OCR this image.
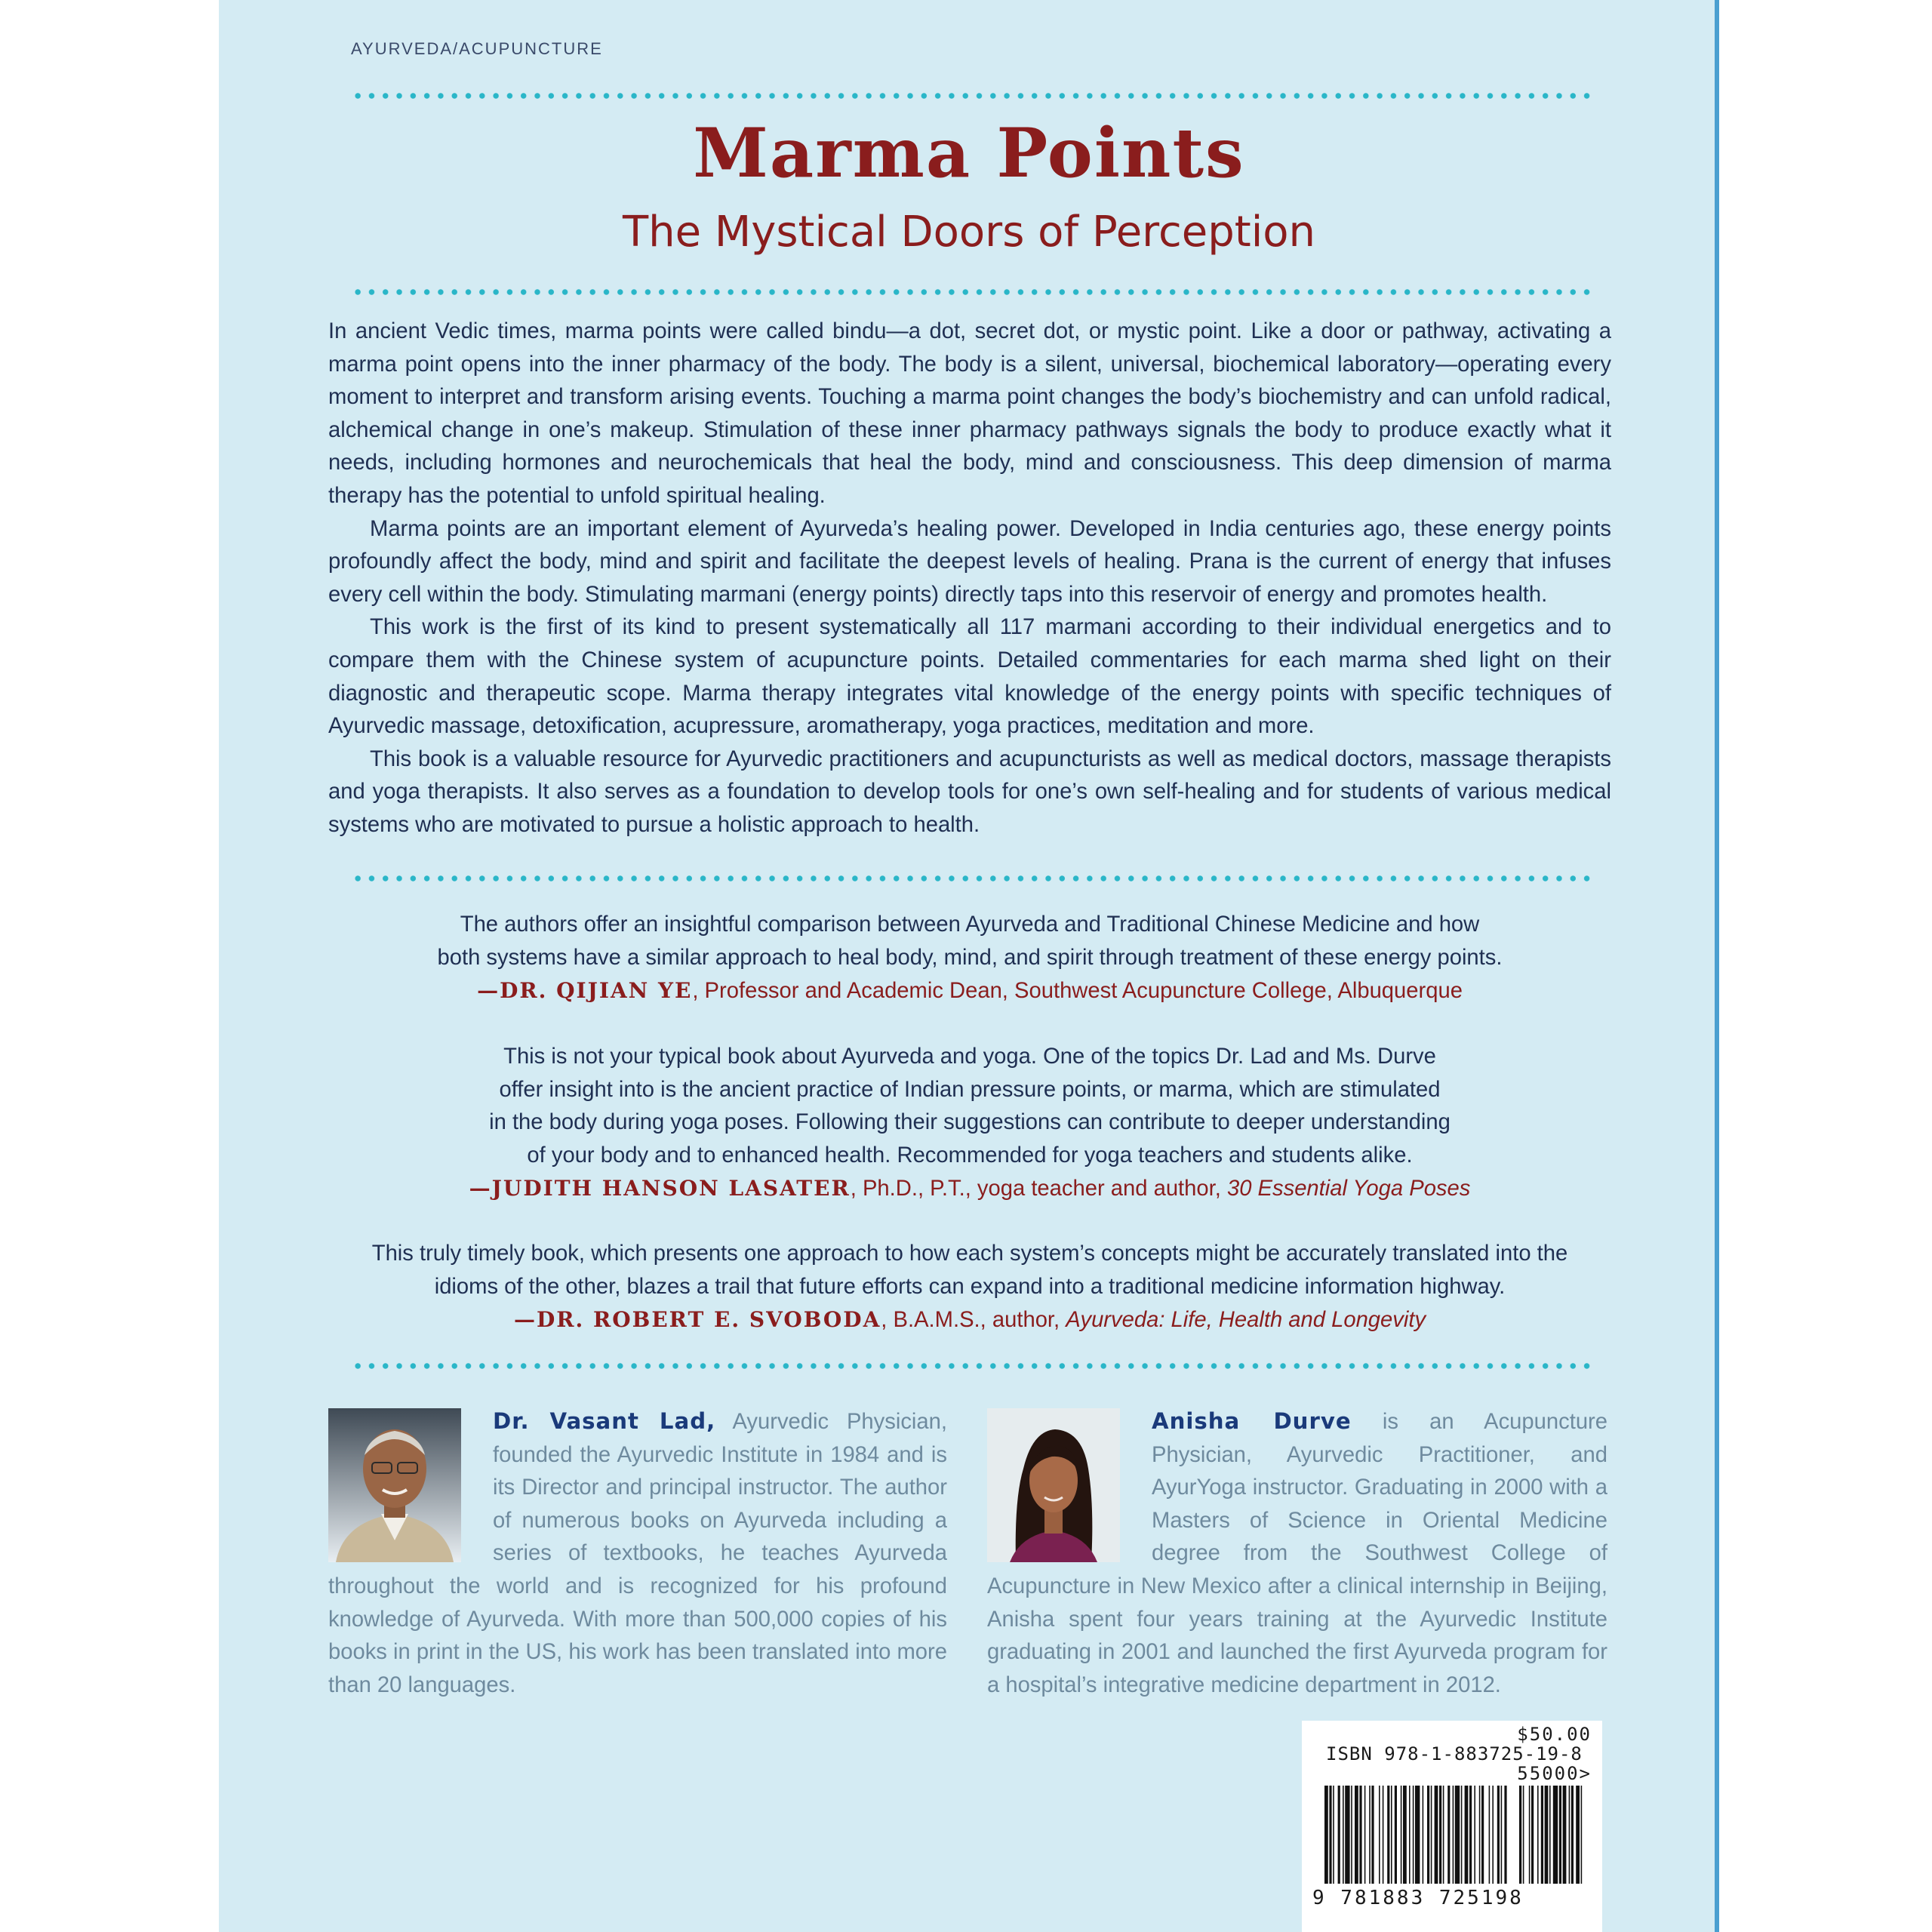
AYURVEDA/ACUPUNCTURE
Marma Points
The Mystical Doors of Perception

In ancient Vedic times, marma points were called bindu—a dot, secret dot, or mystic point. Like a door or pathway, activating a marma point opens into the inner pharmacy of the body. The body is a silent, universal, biochemical laboratory—operating every moment to interpret and transform arising events. Touching a marma point changes the body’s biochemistry and can unfold radical, alchemical change in one’s makeup. Stimulation of these inner pharmacy pathways signals the body to produce exactly what it needs, including hormones and neurochemicals that heal the body, mind and consciousness. This deep dimension of marma therapy has the potential to unfold spiritual healing.

Marma points are an important element of Ayurveda’s healing power. Developed in India centuries ago, these energy points profoundly affect the body, mind and spirit and facilitate the deepest levels of healing. Prana is the current of energy that infuses every cell within the body. Stimulating marmani (energy points) directly taps into this reservoir of energy and promotes health.

This work is the first of its kind to present systematically all 117 marmani according to their individual energetics and to compare them with the Chinese system of acupuncture points. Detailed commentaries for each marma shed light on their diagnostic and therapeutic scope. Marma therapy integrates vital knowledge of the energy points with specific techniques of Ayurvedic massage, detoxification, acupressure, aromatherapy, yoga practices, meditation and more.

This book is a valuable resource for Ayurvedic practitioners and acupuncturists as well as medical doctors, massage therapists and yoga therapists. It also serves as a foundation to develop tools for one’s own self-healing and for students of various medical systems who are motivated to pursue a holistic approach to health.

The authors offer an insightful comparison between Ayurveda and Traditional Chinese Medicine and how

both systems have a similar approach to heal body, mind, and spirit through treatment of these energy points.

—DR. QIJIAN YE, Professor and Academic Dean, Southwest Acupuncture College, Albuquerque

This is not your typical book about Ayurveda and yoga. One of the topics Dr. Lad and Ms. Durve

offer insight into is the ancient practice of Indian pressure points, or marma, which are stimulated

in the body during yoga poses. Following their suggestions can contribute to deeper understanding

of your body and to enhanced health. Recommended for yoga teachers and students alike.

—JUDITH HANSON LASATER, Ph.D., P.T., yoga teacher and author, 30 Essential Yoga Poses

This truly timely book, which presents one approach to how each system’s concepts might be accurately translated into the

idioms of the other, blazes a trail that future efforts can expand into a traditional medicine information highway.

—DR. ROBERT E. SVOBODA, B.A.M.S., author, Ayurveda: Life, Health and Longevity

Dr. Vasant Lad, Ayurvedic Physician, founded the Ayurvedic Institute in 1984 and is its Director and principal instructor. The author of numerous books on Ayurveda including a series of textbooks, he teaches Ayurveda throughout the world and is recognized for his profound knowledge of Ayurveda. With more than 500,000 copies of his books in print in the US, his work has been translated into more than 20 languages.
Anisha Durve is an Acupuncture Physician, Ayurvedic Practitioner, and AyurYoga instructor. Graduating in 2000 with a Masters of Science in Oriental Medicine degree from the Southwest College of Acupuncture in New Mexico after a clinical internship in Beijing, Anisha spent four years training at the Ayurvedic Institute graduating in 2001 and launched the first Ayurveda program for a hospital’s integrative medicine department in 2012.
$50.00
ISBN 978-1-883725-19-8
55000>
9 781883 725198
